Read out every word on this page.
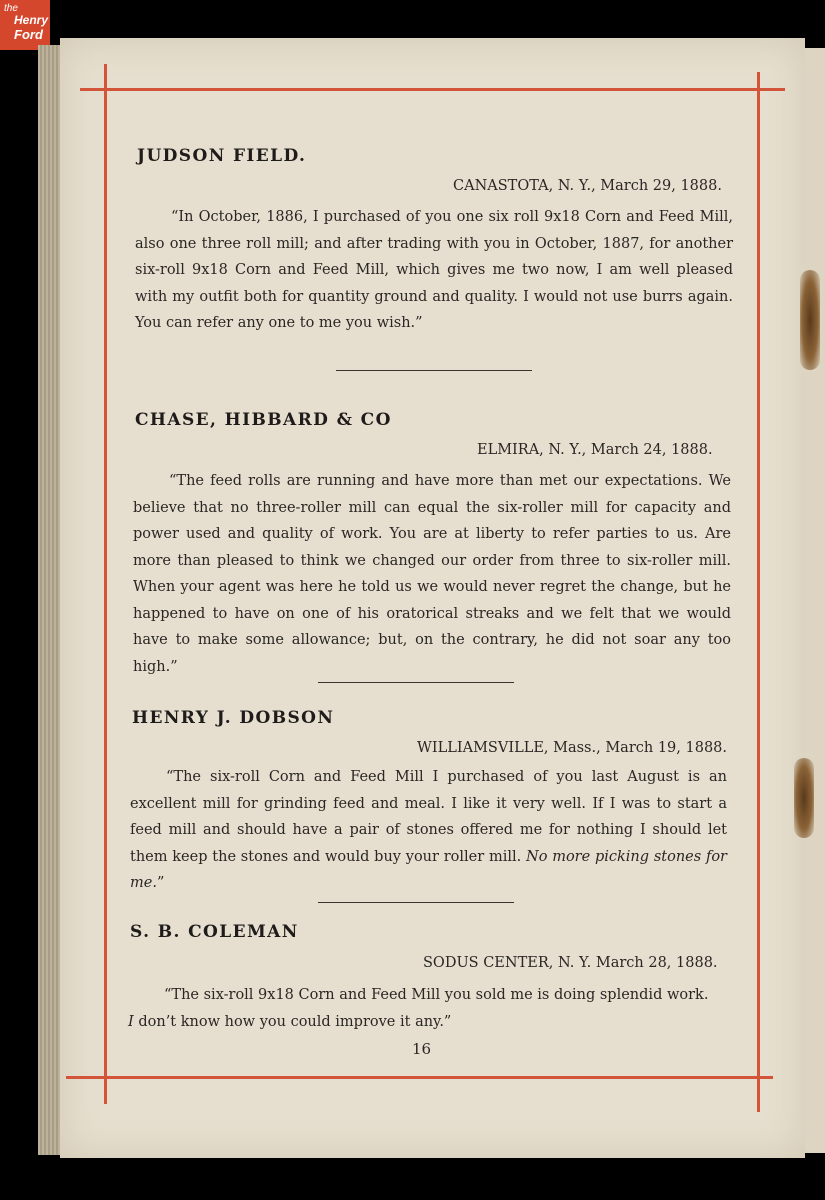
the
Henry
Ford
JUDSON FIELD.
CANASTOTA, N. Y., March 29, 1888.

“In October, 1886, I purchased of you one six roll 9x18 Corn and Feed Mill, also one three roll mill; and after trading with you in October, 1887, for another six-roll 9x18 Corn and Feed Mill, which gives me two now, I am well pleased with my outfit both for quantity ground and quality. I would not use burrs again. You can refer any one to me you wish.”

CHASE, HIBBARD & CO
ELMIRA, N. Y., March 24, 1888.

“The feed rolls are running and have more than met our expectations. We believe that no three-roller mill can equal the six-roller mill for capacity and power used and quality of work. You are at liberty to refer parties to us. Are more than pleased to think we changed our order from three to six-roller mill. When your agent was here he told us we would never regret the change, but he happened to have on one of his oratorical streaks and we felt that we would have to make some allowance; but, on the contrary, he did not soar any too high.”

HENRY J. DOBSON
WILLIAMSVILLE, Mass., March 19, 1888.

“The six-roll Corn and Feed Mill I purchased of you last August is an excellent mill for grinding feed and meal. I like it very well. If I was to start a feed mill and should have a pair of stones offered me for nothing I should let them keep the stones and would buy your roller mill. No more picking stones for me.”

S. B. COLEMAN
SODUS CENTER, N. Y. March 28, 1888.

“The six-roll 9x18 Corn and Feed Mill you sold me is doing splendid work.
I don’t know how you could improve it any.”

16
